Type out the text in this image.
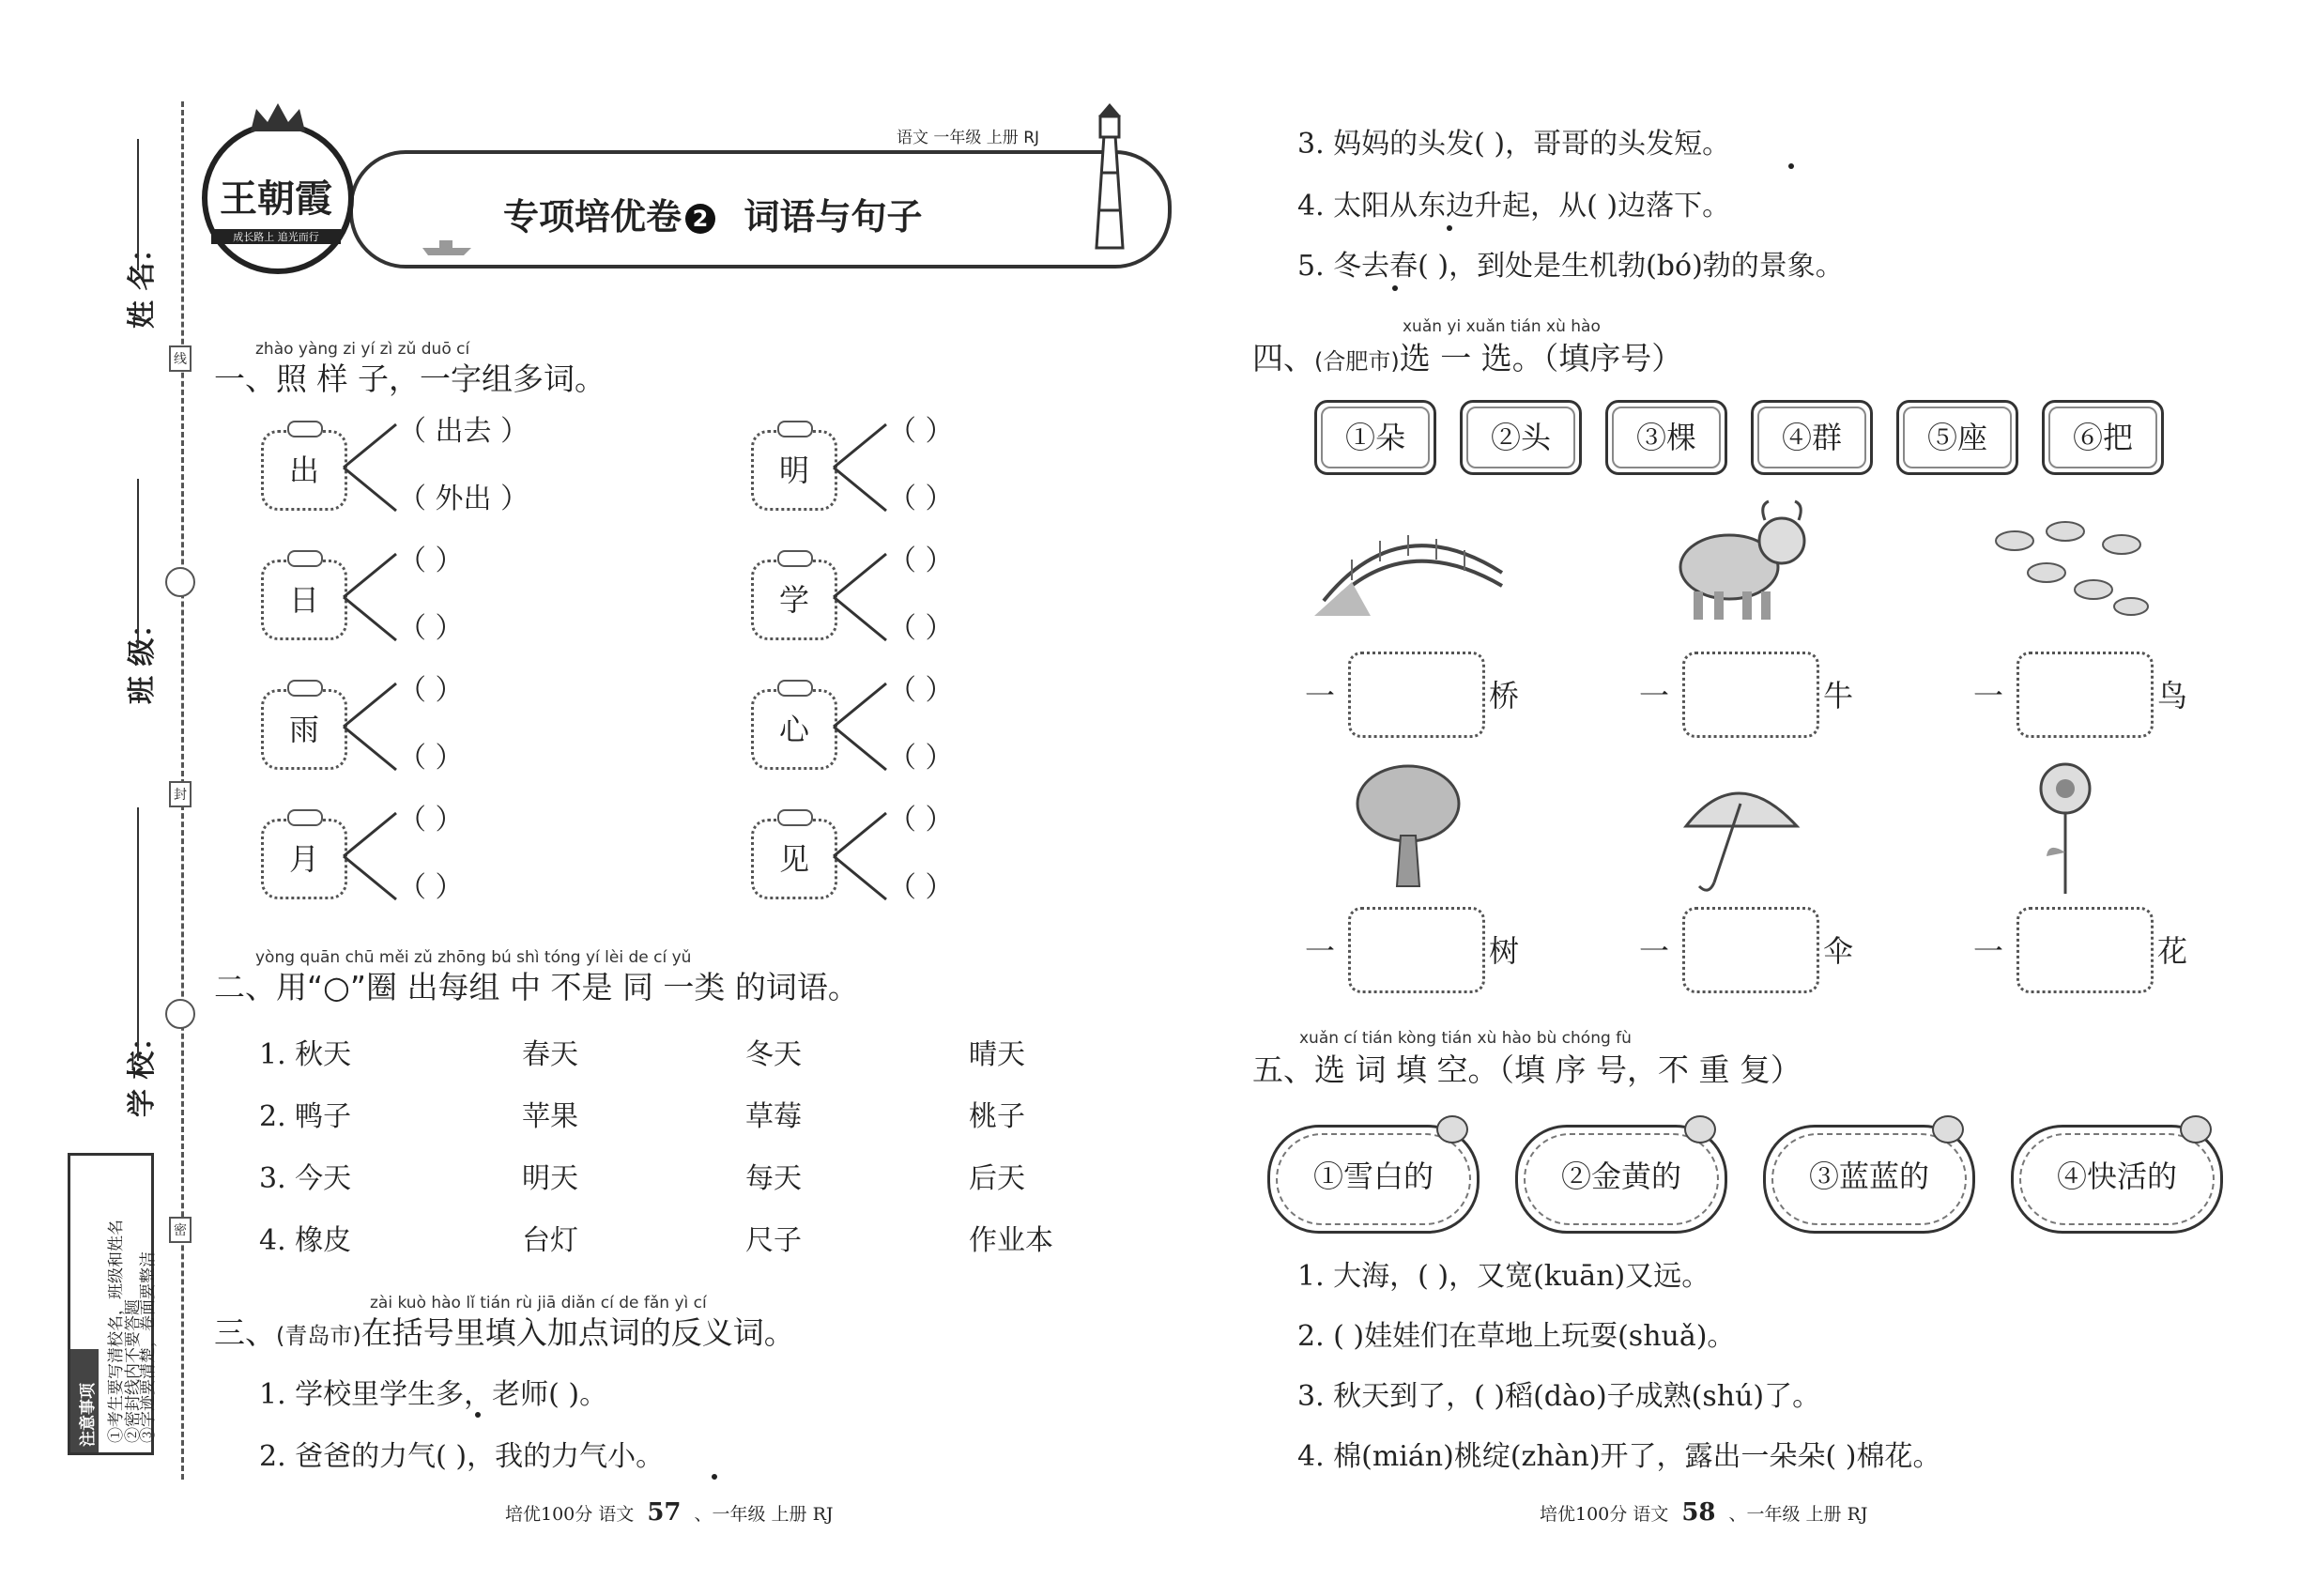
姓 名：
班 级：
学 校：
线
封
密
注意事项 ①考生要写清校名，班级和姓名
②密封线内不要答题
③字迹要清楚，卷面要整洁
语文 一年级 上册 RJ
专项培优卷 2 词语与句子
王朝霞
成长路上 追光而行
zhào yàng zi yí zì zǔ duō cí
一、照 样 子，一字组多词。
出
（ 出去 ）
（ 外出 ）
明
（ ）
（ ）
日
（ ）
（ ）
学
（ ）
（ ）
雨
（ ）
（ ）
心
（ ）
（ ）
月
（ ）
（ ）
见
（ ）
（ ）
yòng quān chū měi zǔ zhōng bú shì tóng yí lèi de cí yǔ
二、用“○”圈 出每组 中 不是 同 一类 的词语。
1. 秋天	春天	冬天	晴天
2. 鸭子	苹果	草莓	桃子
3. 今天	明天	每天	后天
4. 橡皮	台灯	尺子	作业本
zài kuò hào lǐ tián rù jiā diǎn cí de fǎn yì cí
三、(青岛市)在括号里填入加点词的反义词。
1. 学校里学生多，老师( )。
2. 爸爸的力气( )，我的力气小。
3. 妈妈的头发( )，哥哥的头发短。
4. 太阳从东边升起，从( )边落下。
5. 冬去春( )，到处是生机勃(bó)勃的景象。
xuǎn yi xuǎn tián xù hào
四、(合肥市)选 一 选。（填序号）
①朵	②头	③棵	④群	⑤座	⑥把
一	桥	一	牛	一	鸟
一	树	一	伞	一	花
xuǎn cí tián kòng tián xù hào bù chóng fù
五、选 词 填 空。（填 序 号，不 重 复）
①雪白的	②金黄的	③蓝蓝的	④快活的
1. 大海，( )，又宽(kuān)又远。
2. ( )娃娃们在草地上玩耍(shuǎ)。
3. 秋天到了，( )稻(dào)子成熟(shú)了。
4. 棉(mián)桃绽(zhàn)开了，露出一朵朵( )棉花。
培优100分 语文 57 、一年级 上册 RJ	培优100分 语文 58 、一年级 上册 RJ
